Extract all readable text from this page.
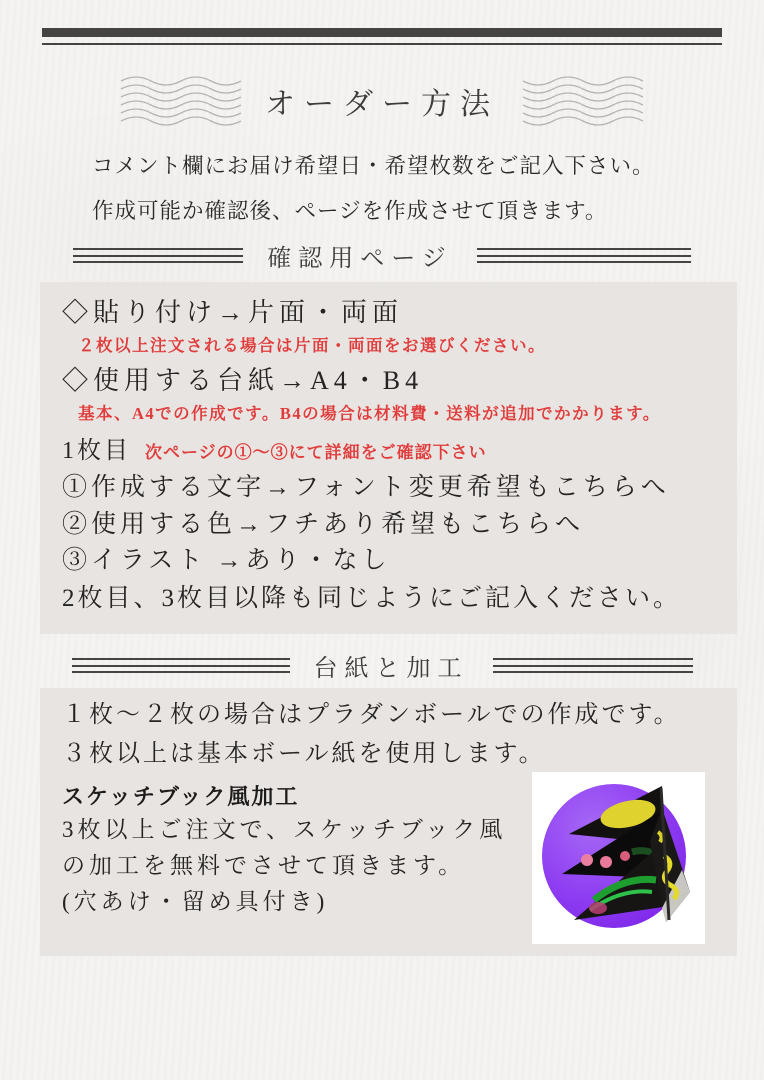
オーダー方法
コメント欄にお届け希望日・希望枚数をご記入下さい。
作成可能か確認後、ページを作成させて頂きます。
確認用ページ
◇貼り付け→片面・両面
２枚以上注文される場合は片面・両面をお選びください。
◇使用する台紙→A4・B4
基本、A4での作成です。B4の場合は材料費・送料が追加でかかります。
1枚目 次ページの①〜③にて詳細をご確認下さい
①作成する文字→フォント変更希望もこちらへ
②使用する色→フチあり希望もこちらへ
③イラスト →あり・なし
2枚目、3枚目以降も同じようにご記入ください。
台紙と加工
１枚〜２枚の場合はプラダンボールでの作成です。
３枚以上は基本ボール紙を使用します。
スケッチブック風加工
3枚以上ご注文で、スケッチブック風
の加工を無料でさせて頂きます。
(穴あけ・留め具付き)
